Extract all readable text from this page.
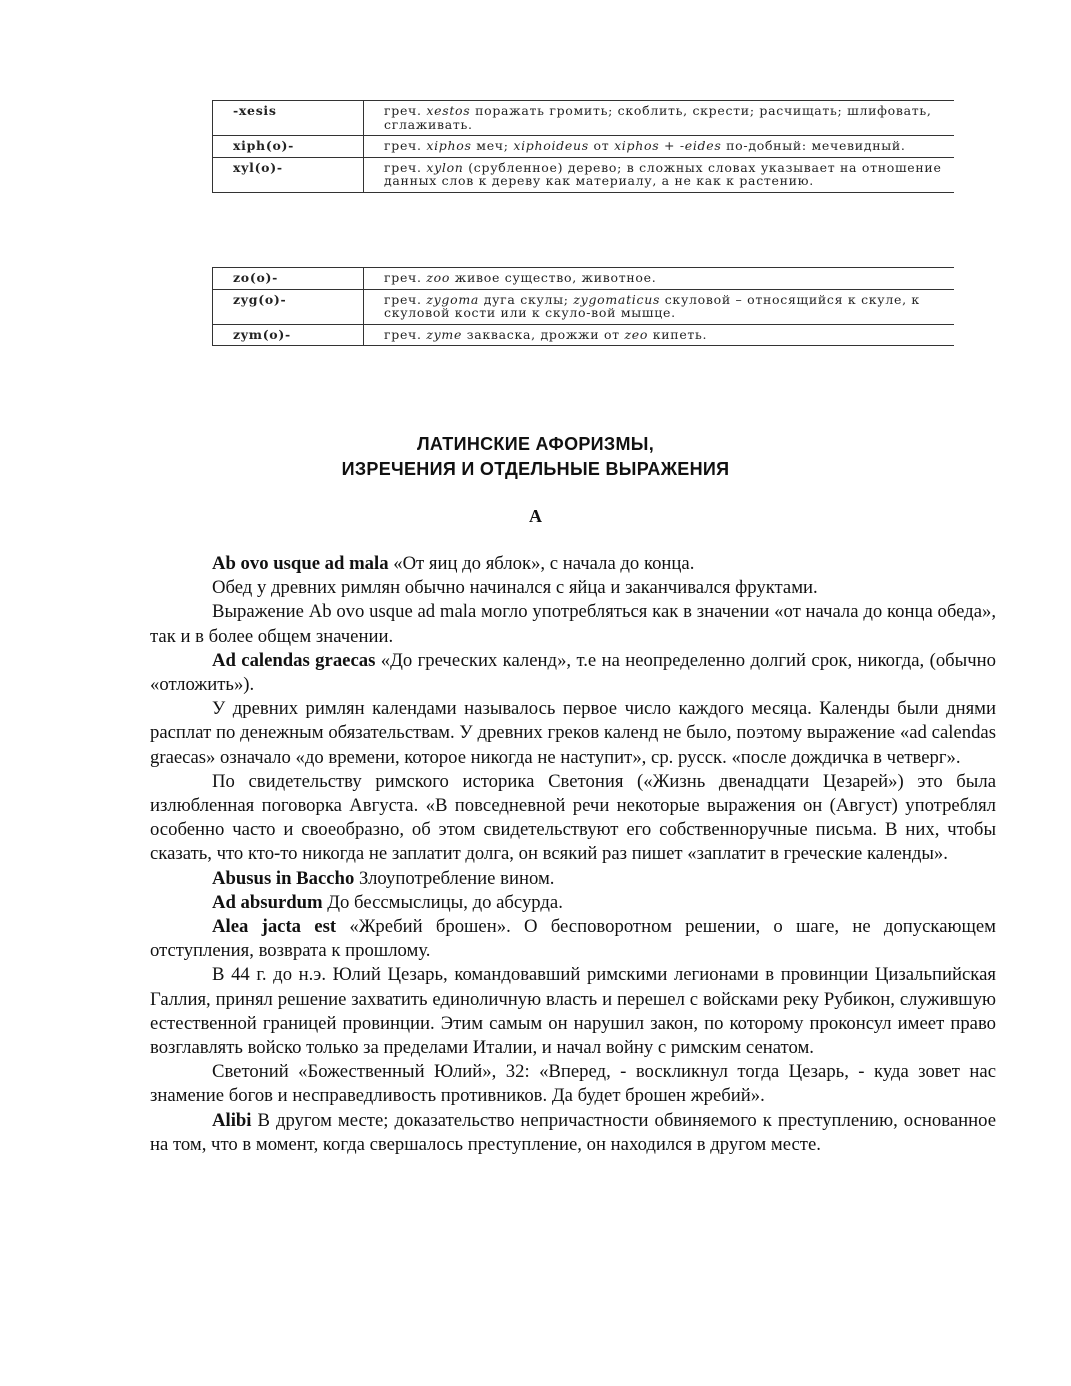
-xesis	греч. xestos поражать громить; скоблить, скрести; расчищать; шлифовать, сглаживать.
xiph(o)-	греч. xiphos меч; xiphoideus от xiphos + -eides по-добный: мечевидный.
xyl(o)-	греч. xylon (срубленное) дерево; в сложных словах указывает на отношение данных слов к дереву как материалу, а не как к растению.
zo(o)-	греч. zoo живое существо, животное.
zyg(o)-	греч. zygoma дуга скулы; zygomaticus скуловой – относящийся к скуле, к скуловой кости или к скуло-вой мышце.
zym(o)-	греч. zyme закваска, дрожжи от zeo кипеть.
ЛАТИНСКИЕ АФОРИЗМЫ,
ИЗРЕЧЕНИЯ И ОТДЕЛЬНЫЕ ВЫРАЖЕНИЯ
А

Ab ovo usque ad mala «От яиц до яблок», с начала до конца.

Обед у древних римлян обычно начинался с яйца и заканчивался фруктами.

Выражение Ab ovo usque ad mala могло употребляться как в значении «от начала до конца обеда», так и в более общем значении.

Ad calendas graecas «До греческих календ», т.е на неопределенно долгий срок, никогда, (обычно «отложить»).

У древних римлян календами называлось первое число каждого месяца. Календы были днями расплат по денежным обязательствам. У древних греков календ не было, поэтому выражение «ad calendas graecas» означало «до времени, которое никогда не наступит», ср. русск. «после дождичка в четверг».

По свидетельству римского историка Светония («Жизнь двенадцати Цезарей») это была излюбленная поговорка Августа. «В повседневной речи некоторые выражения он (Август) употреблял особенно часто и своеобразно, об этом свидетельствуют его собственноручные письма. В них, чтобы сказать, что кто-то никогда не заплатит долга, он всякий раз пишет «заплатит в греческие календы».

Abusus in Baccho Злоупотребление вином.

Ad absurdum До бессмыслицы, до абсурда.

Alea jacta est «Жребий брошен». О бесповоротном решении, о шаге, не допускающем отступления, возврата к прошлому.

В 44 г. до н.э. Юлий Цезарь, командовавший римскими легионами в провинции Цизальпийская Галлия, принял решение захватить единоличную власть и перешел с войсками реку Рубикон, служившую естественной границей провинции. Этим самым он нарушил закон, по которому проконсул имеет право возглавлять войско только за пределами Италии, и начал войну с римским сенатом.

Светоний «Божественный Юлий», 32: «Вперед, - воскликнул тогда Цезарь, - куда зовет нас знамение богов и несправедливость противников. Да будет брошен жребий».

Alibi В другом месте; доказательство непричастности обвиняемого к преступлению, основанное на том, что в момент, когда свершалось преступление, он находился в другом месте.
